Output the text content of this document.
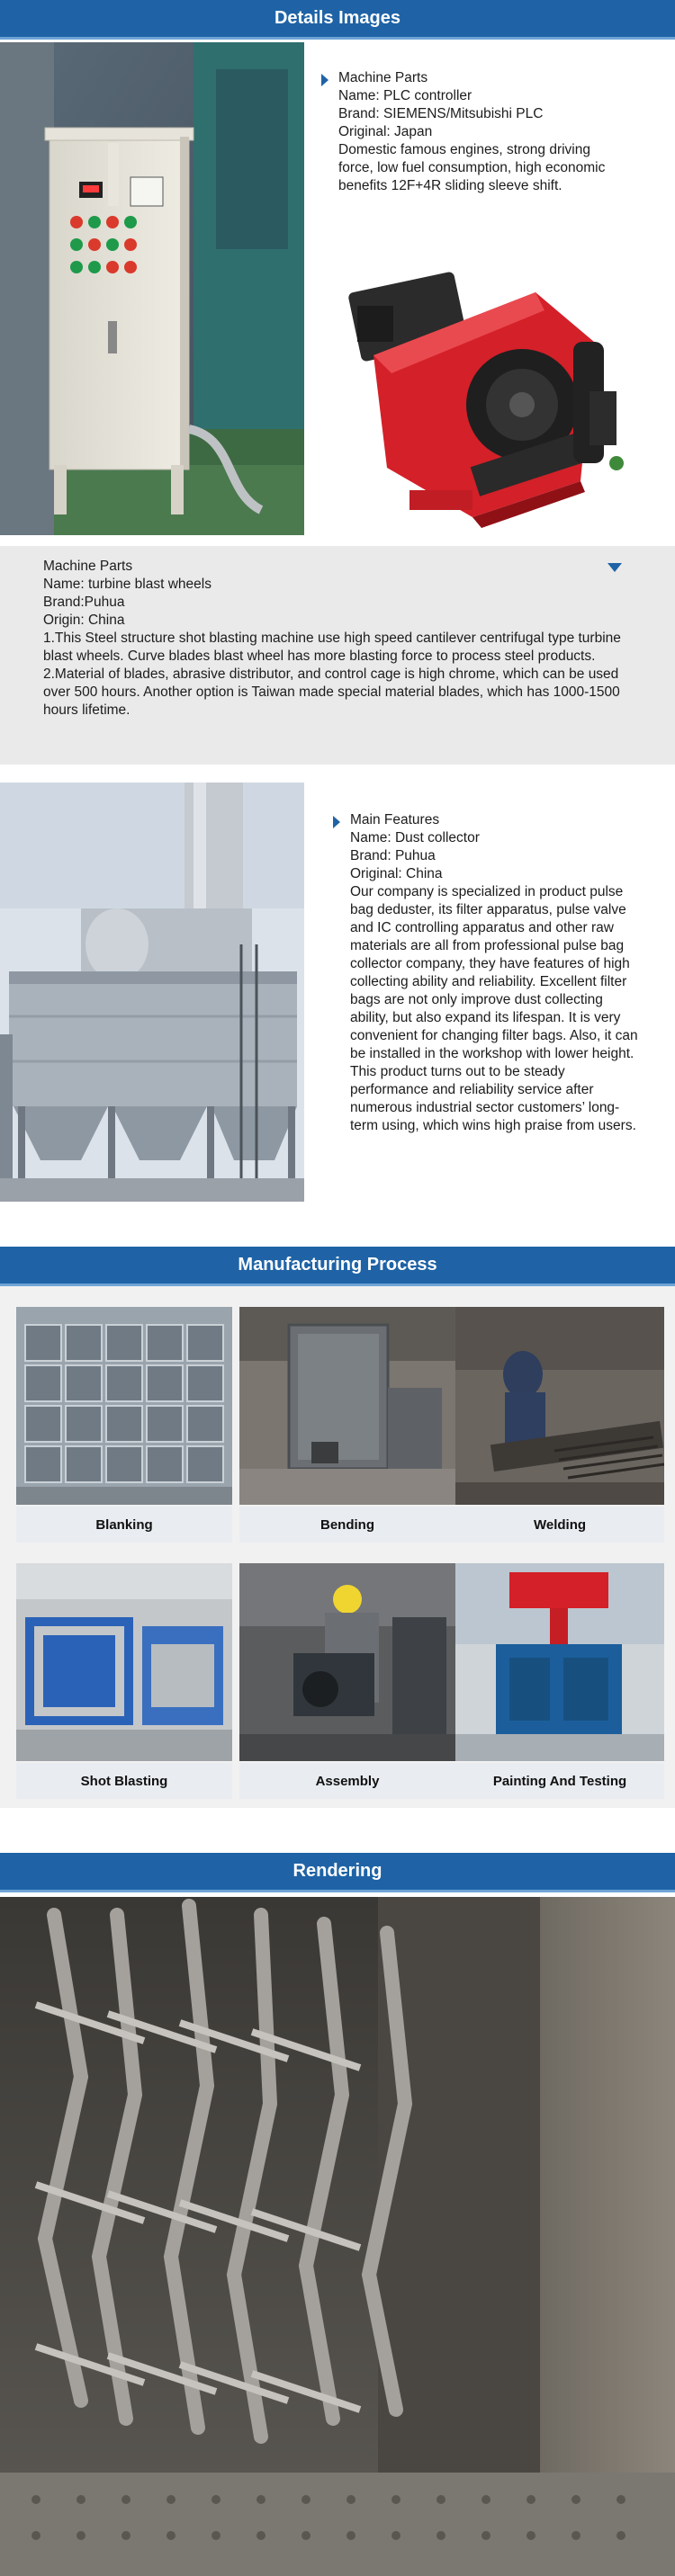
Details Images
Machine Parts
Name: PLC controller
Brand: SIEMENS/Mitsubishi PLC
Original: Japan
Domestic famous engines, strong driving force, low fuel consumption, high economic benefits 12F+4R sliding sleeve shift.
Machine Parts
Name: turbine blast wheels
Brand:Puhua
Origin: China
1.This Steel structure shot blasting machine use high speed cantilever centrifugal type turbine blast wheels. Curve blades blast wheel has more blasting force to process steel products.
2.Material of blades, abrasive distributor, and control cage is high chrome, which can be used over 500 hours. Another option is Taiwan made special material blades, which has 1000-1500 hours lifetime.
Main Features
Name: Dust collector
Brand: Puhua
Original: China
Our company is specialized in product pulse bag deduster, its filter apparatus, pulse valve and IC controlling apparatus and other raw materials are all from professional pulse bag collector company, they have features of high collecting ability and reliability. Excellent filter bags are not only improve dust collecting ability, but also expand its lifespan. It is very convenient for changing filter bags. Also, it can be installed in the workshop with lower height. This product turns out to be steady performance and reliability service after numerous industrial sector customers’ long-term using, which wins high praise from users.
Manufacturing Process
Blanking	Bending	Welding
Shot Blasting	Assembly	Painting And Testing
Rendering
